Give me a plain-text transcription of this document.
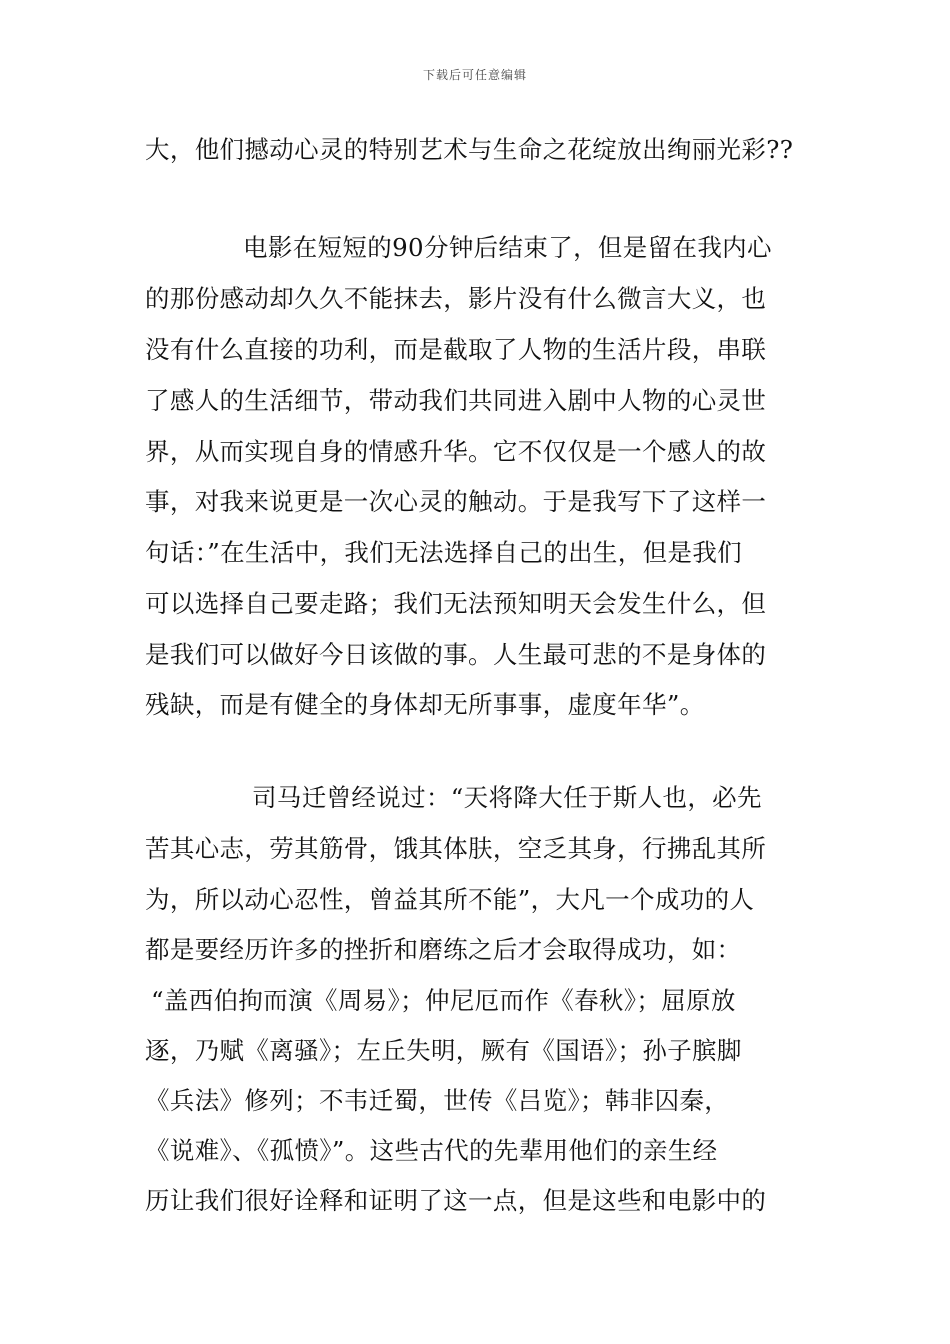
下载后可任意编辑
大，他们撼动心灵的特别艺术与生命之花绽放出绚丽光彩??
电影在短短的90分钟后结束了，但是留在我内心
的那份感动却久久不能抹去，影片没有什么微言大义，也
没有什么直接的功利，而是截取了人物的生活片段，串联
了感人的生活细节，带动我们共同进入剧中人物的心灵世
界，从而实现自身的情感升华。它不仅仅是一个感人的故
事，对我来说更是一次心灵的触动。于是我写下了这样一
句话：”在生活中，我们无法选择自己的出生，但是我们
可以选择自己要走路；我们无法预知明天会发生什么，但
是我们可以做好今日该做的事。人生最可悲的不是身体的
残缺，而是有健全的身体却无所事事，虚度年华”。
司马迁曾经说过：“天将降大任于斯人也，必先
苦其心志，劳其筋骨，饿其体肤，空乏其身，行拂乱其所
为，所以动心忍性，曾益其所不能”，大凡一个成功的人
都是要经历许多的挫折和磨练之后才会取得成功，如：
“盖西伯拘而演《周易》；仲尼厄而作《春秋》；屈原放
逐，乃赋《离骚》；左丘失明，厥有《国语》；孙子膑脚
《兵法》修列；不韦迁蜀，世传《吕览》；韩非囚秦，
《说难》、《孤愤》”。这些古代的先辈用他们的亲生经
历让我们很好诠释和证明了这一点，但是这些和电影中的
